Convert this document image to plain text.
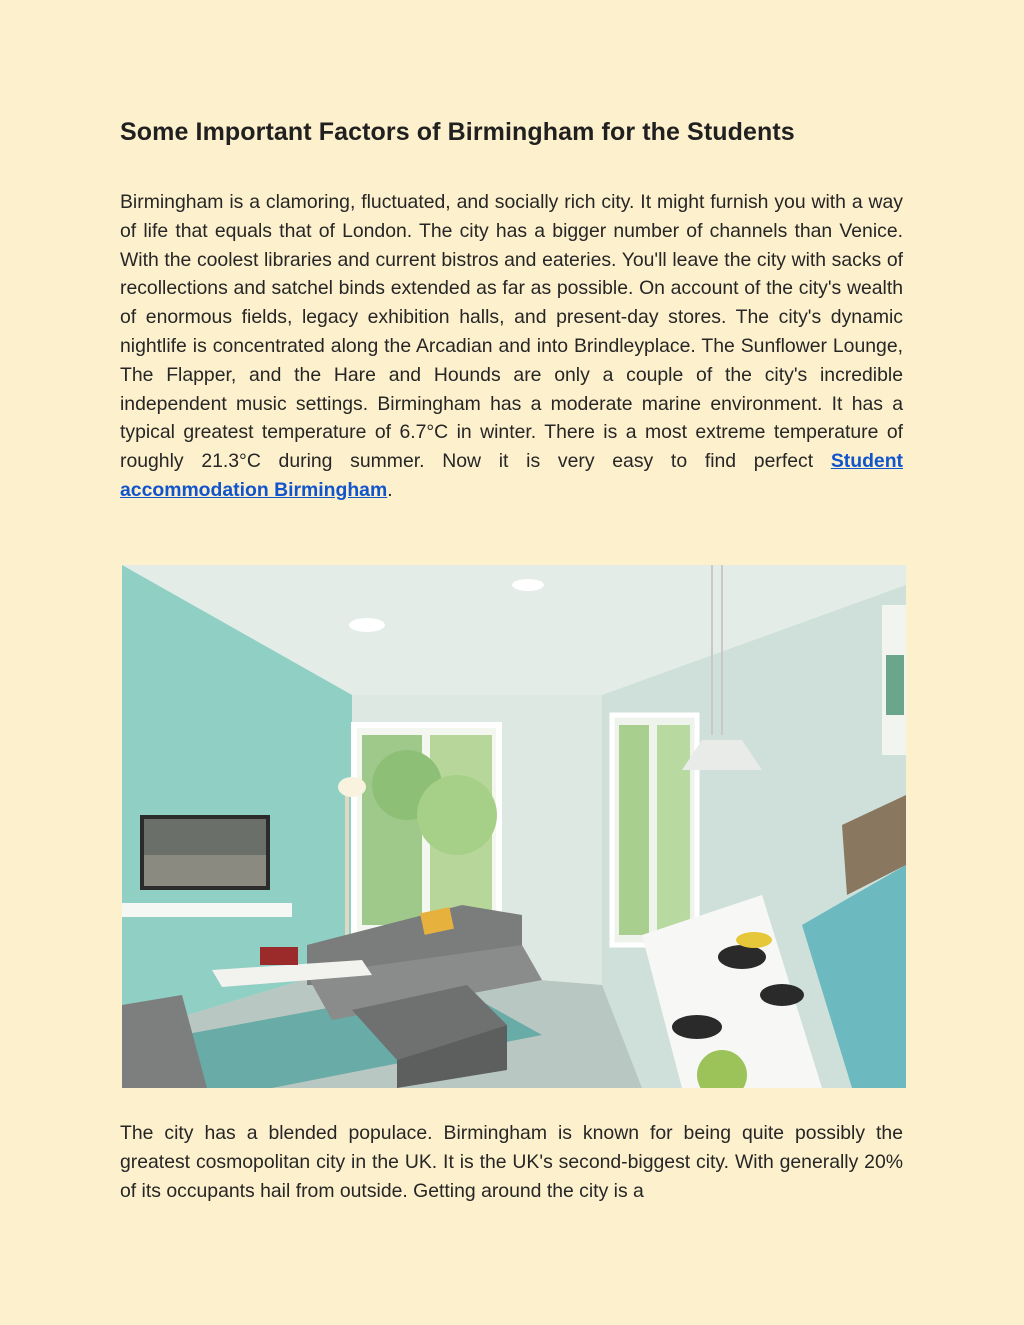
Some Important Factors of Birmingham for the Students

Birmingham is a clamoring, fluctuated, and socially rich city. It might furnish you with a way of life that equals that of London. The city has a bigger number of channels than Venice. With the coolest libraries and current bistros and eateries. You'll leave the city with sacks of recollections and satchel binds extended as far as possible. On account of the city's wealth of enormous fields, legacy exhibition halls, and present-day stores. The city's dynamic nightlife is concentrated along the Arcadian and into Brindleyplace. The Sunflower Lounge, The Flapper, and the Hare and Hounds are only a couple of the city's incredible independent music settings. Birmingham has a moderate marine environment. It has a typical greatest temperature of 6.7°C in winter. There is a most extreme temperature of roughly 21.3°C during summer. Now it is very easy to find perfect Student accommodation Birmingham.

The city has a blended populace. Birmingham is known for being quite possibly the greatest cosmopolitan city in the UK. It is the UK's second-biggest city. With generally 20% of its occupants hail from outside. Getting around the city is a
